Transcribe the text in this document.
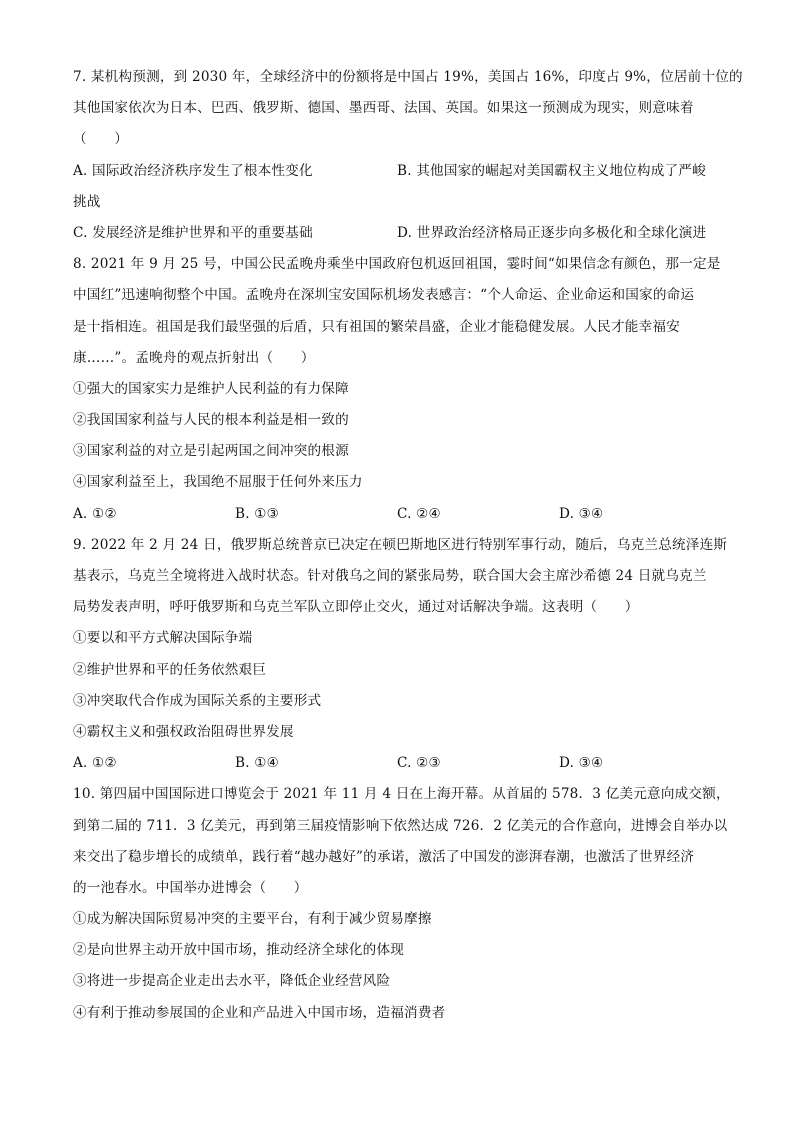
7. 某机构预测，到 2030 年，全球经济中的份额将是中国占 19%，美国占 16%，印度占 9%，位居前十位的
其他国家依次为日本、巴西、俄罗斯、德国、墨西哥、法国、英国。如果这一预测成为现实，则意味着
（　　）
A. 国际政治经济秩序发生了根本性变化	B. 其他国家的崛起对美国霸权主义地位构成了严峻
挑战
C. 发展经济是维护世界和平的重要基础	D. 世界政治经济格局正逐步向多极化和全球化演进
8. 2021 年 9 月 25 号，中国公民孟晚舟乘坐中国政府包机返回祖国，霎时间“如果信念有颜色，那一定是
中国红”迅速响彻整个中国。孟晚舟在深圳宝安国际机场发表感言：“个人命运、企业命运和国家的命运
是十指相连。祖国是我们最坚强的后盾，只有祖国的繁荣昌盛，企业才能稳健发展。人民才能幸福安
康……”。孟晚舟的观点折射出（　　）
①强大的国家实力是维护人民利益的有力保障
②我国国家利益与人民的根本利益是相一致的
③国家利益的对立是引起两国之间冲突的根源
④国家利益至上，我国绝不屈服于任何外来压力
A. ①②	B. ①③	C. ②④	D. ③④
9. 2022 年 2 月 24 日，俄罗斯总统普京已决定在顿巴斯地区进行特别军事行动，随后，乌克兰总统泽连斯
基表示，乌克兰全境将进入战时状态。针对俄乌之间的紧张局势，联合国大会主席沙希德 24 日就乌克兰
局势发表声明，呼吁俄罗斯和乌克兰军队立即停止交火，通过对话解决争端。这表明（　　）
①要以和平方式解决国际争端
②维护世界和平的任务依然艰巨
③冲突取代合作成为国际关系的主要形式
④霸权主义和强权政治阻碍世界发展
A. ①②	B. ①④	C. ②③	D. ③④
10. 第四届中国国际进口博览会于 2021 年 11 月 4 日在上海开幕。从首届的 578．3 亿美元意向成交额，
到第二届的 711．3 亿美元，再到第三届疫情影响下依然达成 726．2 亿美元的合作意向，进博会自举办以
来交出了稳步增长的成绩单，践行着“越办越好”的承诺，激活了中国发的澎湃春潮，也激活了世界经济
的一池春水。中国举办进博会（　　）
①成为解决国际贸易冲突的主要平台，有利于减少贸易摩擦
②是向世界主动开放中国市场，推动经济全球化的体现
③将进一步提高企业走出去水平，降低企业经营风险
④有利于推动参展国的企业和产品进入中国市场，造福消费者
